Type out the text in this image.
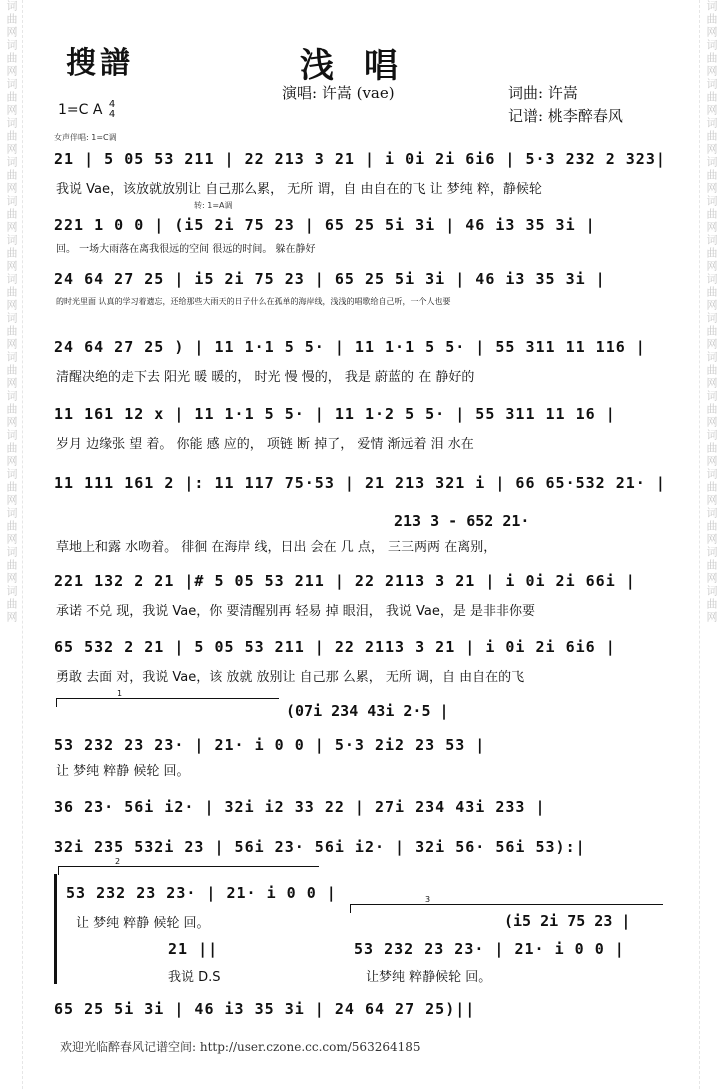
词曲网词曲网词曲网词曲网词曲网词曲网词曲网词曲网词曲网词曲网词曲网词曲网词曲网词曲网词曲网词曲网	词曲网词曲网词曲网词曲网词曲网词曲网词曲网词曲网词曲网词曲网词曲网词曲网词曲网词曲网词曲网词曲网
搜譜	浅唱
演唱: 许嵩 (vae)	词曲: 许嵩
记谱: 桃李醉春风
1=C A 4
4
女声伴唱: 1=C调
21 | 5 05 53 211 | 22 213 3 21 | i 0i 2i 6i6 | 5·3 232 2 323|
我说 Vae，该放就放别让 自己那么累， 无所 谓，自 由自在的飞 让 梦纯 粹，静候轮
转: 1=A调
221 1 0 0 | (i5 2i 75 23 | 65 25 5i 3i | 46 i3 35 3i |
回。 一场大雨落在离我很远的空间 很远的时间。 躲在静好
24 64 27 25 | i5 2i 75 23 | 65 25 5i 3i | 46 i3 35 3i |
的时光里面 认真的学习着遗忘，还给那些大雨天的日子什么在孤单的海岸线，浅浅的唱歌给自己听，一个人也要
24 64 27 25 ) | 11 1·1 5 5· | 11 1·1 5 5· | 55 311 11 116 |
清醒决绝的走下去 阳光 暖 暖的， 时光 慢 慢的， 我是 蔚蓝的 在 静好的
11 161 12 x | 11 1·1 5 5· | 11 1·2 5 5· | 55 311 11 16 |
岁月 边缘张 望 着。 你能 感 应的， 项链 断 掉了， 爱情 渐远着 泪 水在
11 111 161 2 |: 11 117 75·53 | 21 213 321 i | 66 65·532 21· |
213 3 - 652 21·
草地上和露 水吻着。 徘徊 在海岸 线，日出 会在 几 点， 三三两两 在离别，
221 132 2 21 |# 5 05 53 211 | 22 2113 3 21 | i 0i 2i 66i |
承诺 不兑 现，我说 Vae，你 要清醒别再 轻易 掉 眼泪， 我说 Vae，是 是非非你要
65 532 2 21 | 5 05 53 211 | 22 2113 3 21 | i 0i 2i 6i6 |
勇敢 去面 对，我说 Vae，该 放就 放别让 自己那 么累， 无所 调，自 由自在的飞
1
(07i 234 43i 2·5 |
53 232 23 23· | 21· i 0 0 | 5·3 2i2 23 53 |
让 梦纯 粹静 候轮 回。
36 23· 56i i2· | 32i i2 33 22 | 27i 234 43i 233 |
32i 235 532i 23 | 56i 23· 56i i2· | 32i 56· 56i 53):|
2
3
53 232 23 23· | 21· i 0 0 |
让 梦纯 粹静 候轮 回。	(i5 2i 75 23 |
21 ||
我说 D.S
53 232 23 23· | 21· i 0 0 |
让梦纯 粹静候轮 回。
65 25 5i 3i | 46 i3 35 3i | 24 64 27 25)||
欢迎光临醉春风记谱空间: http://user.czone.cc.com/563264185
